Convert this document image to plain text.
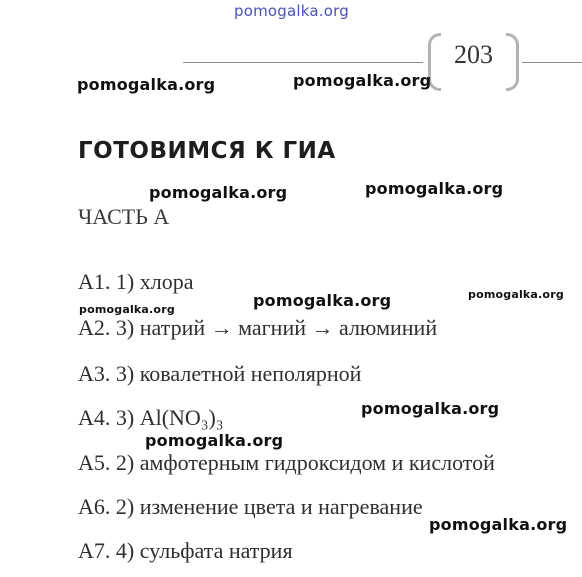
pomogalka.org
203
pomogalka.org	pomogalka.org
pomogalka.org	pomogalka.org
pomogalka.org	pomogalka.org	pomogalka.org
pomogalka.org
pomogalka.org
pomogalka.org
ГОТОВИМСЯ К ГИА
ЧАСТЬ А
А1. 1) хлора
А2. 3) натрий → магний → алюминий
А3. 3) ковалетной неполярной
А4. 3) Al(NO₃)₃
А5. 2) амфотерным гидроксидом и кислотой
А6. 2) изменение цвета и нагревание
А7. 4) сульфата натрия
